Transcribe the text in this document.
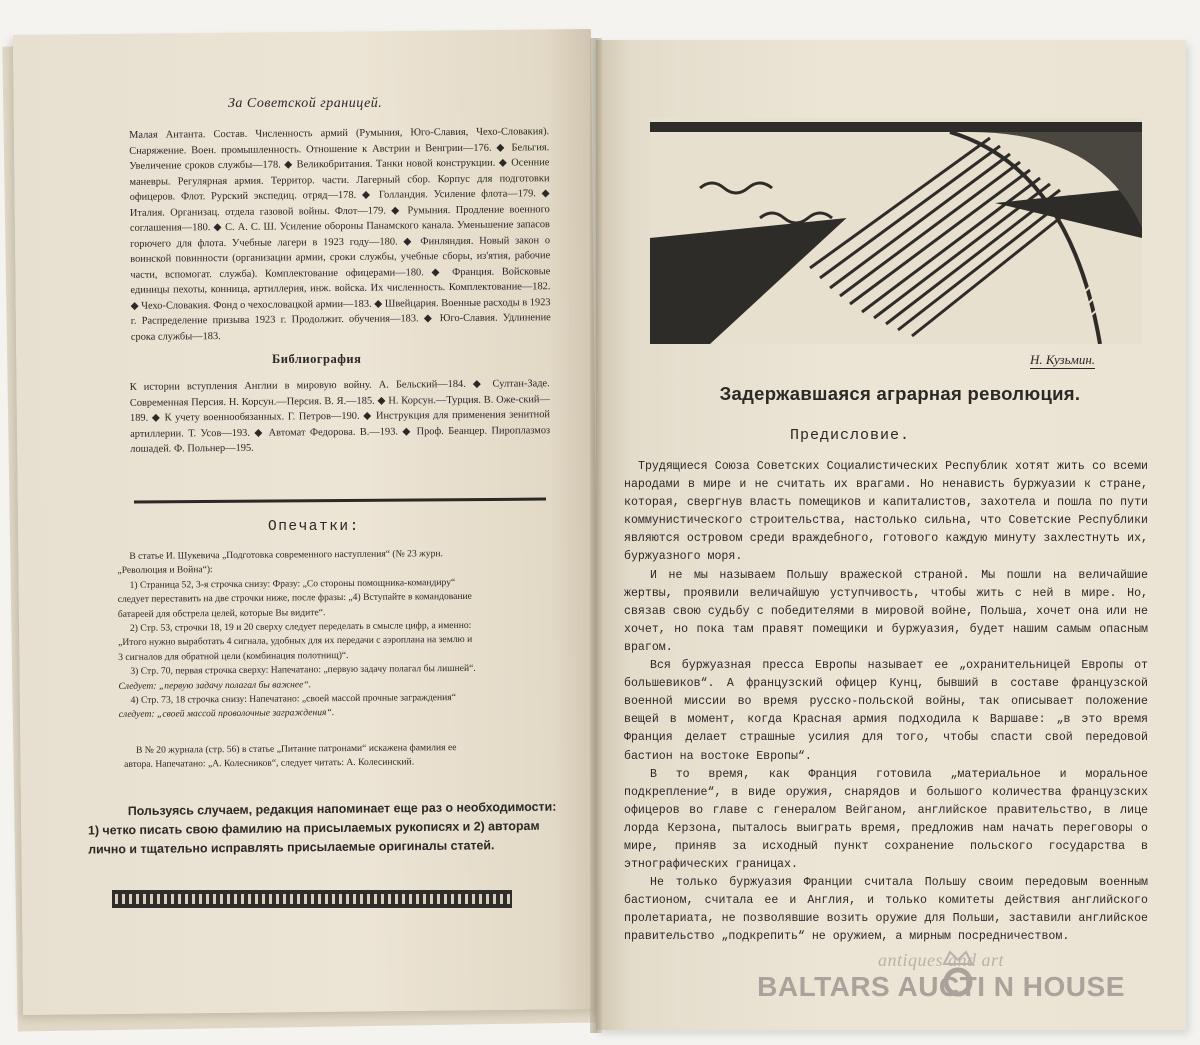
За Советской границей.
Малая Антанта. Состав. Численность армий (Румыния, Юго-Славия, Чехо-Словакия). Снаряжение. Воен. промышленность. Отношение к Австрии и Венгрии—176. ◆ Бельгия. Увеличение сроков службы—178. ◆ Великобритания. Танки новой конструкции. ◆ Осенние маневры. Регулярная армия. Территор. части. Лагерный сбор. Корпус для подготовки офицеров. Флот. Рурский экспедиц. отряд—178. ◆ Голландия. Усиление флота—179. ◆ Италия. Организац. отдела газовой войны. Флот—179. ◆ Румыния. Продление военного соглашения—180. ◆ С. А. С. Ш. Усиление обороны Панамского канала. Уменьшение запасов горючего для флота. Учебные лагери в 1923 году—180. ◆ Финляндия. Новый закон о воинской повинности (организации армии, сроки службы, учебные сборы, из'ятия, рабочие части, вспомогат. служба). Комплектование офицерами—180. ◆ Франция. Войсковые единицы пехоты, конница, артиллерия, инж. войска. Их численность. Комплектование—182. ◆ Чехо-Словакия. Фонд о чехословацкой армии—183. ◆ Швейцария. Военные расходы в 1923 г. Распределение призыва 1923 г. Продолжит. обучения—183. ◆ Юго-Славия. Удлинение срока службы—183.
Библиография
К истории вступления Англии в мировую войну. А. Бельский—184. ◆ Султан-Заде. Современная Персия. Н. Корсун.—Персия. В. Я.—185. ◆ Н. Корсун.—Турция. В. Оже-ский—189. ◆ К учету военнообязанных. Г. Петров—190. ◆ Инструкция для применения зенитной артиллерии. Т. Усов—193. ◆ Автомат Федорова. В.—193. ◆ Проф. Беанцер. Пироплазмоз лошадей. Ф. Польнер—195.
Опечатки:
В статье И. Шукевича „Подготовка современного наступления“ (№ 23 журн.
„Революция и Война“):
1) Страница 52, 3-я строчка снизу: Фразу: „Со стороны помощника-командиру“
следует переставить на две строчки ниже, после фразы: „4) Вступайте в командование
батареей для обстрела целей, которые Вы видите“.
2) Стр. 53, строчки 18, 19 и 20 сверху следует переделать в смысле цифр, а именно:
„Итого нужно выработать 4 сигнала, удобных для их передачи с аэроплана на землю и
3 сигналов для обратной цели (комбинация полотнищ)“.
3) Стр. 70, первая строчка сверху: Напечатано: „первую задачу полагал бы лишней“.
Следует: „первую задачу полагал бы важнее“.
4) Стр. 73, 18 строчка снизу: Напечатано: „своей массой прочные заграждения“
следует: „своей массой проволочные заграждения“.
В № 20 журнала (стр. 56) в статье „Питание патронами“ искажена фамилия ее
автора. Напечатано: „А. Колесников“, следует читать: А. Колесинский.
Пользуясь случаем, редакция напоминает еще раз о необходимости:
1) четко писать свою фамилию на присылаемых рукописях и 2) авторам
лично и тщательно исправлять присылаемые оригиналы статей.
Н. Кузьмин.
Задержавшаяся аграрная революция.
Предисловие.

Трудящиеся Союза Советских Социалистических Республик хотят жить со всеми народами в мире и не считать их врагами. Но ненависть буржуазии к стране, которая, свергнув власть помещиков и капиталистов, захотела и пошла по пути коммунистического строительства, настолько сильна, что Советские Республики являются островом среди враждебного, готового каждую минуту захлестнуть их, буржуазного моря.

И не мы называем Польшу вражеской страной. Мы пошли на величайшие жертвы, проявили величайшую уступчивость, чтобы жить с ней в мире. Но, связав свою судьбу с победителями в мировой войне, Польша, хочет она или не хочет, но пока там правят помещики и буржуазия, будет нашим самым опасным врагом.

Вся буржуазная пресса Европы называет ее „охранительницей Европы от большевиков“. А французский офицер Кунц, бывший в составе французской военной миссии во время русско-польской войны, так описывает положение вещей в момент, когда Красная армия подходила к Варшаве: „в это время Франция делает страшные усилия для того, чтобы спасти свой передовой бастион на востоке Европы“.

В то время, как Франция готовила „материальное и моральное подкрепление“, в виде оружия, снарядов и большого количества французских офицеров во главе с генералом Вейганом, английское правительство, в лице лорда Керзона, пыталось выиграть время, предложив нам начать переговоры о мире, приняв за исходный пункт сохранение польского государства в этнографических границах.

Не только буржуазия Франции считала Польшу своим передовым военным бастионом, считала ее и Англия, и только комитеты действия английского пролетариата, не позволявшие возить оружие для Польши, заставили английское правительство „подкрепить“ не оружием, а мирным посредничеством.

antiques and art
BALTARS AUCTI N HOUSE
